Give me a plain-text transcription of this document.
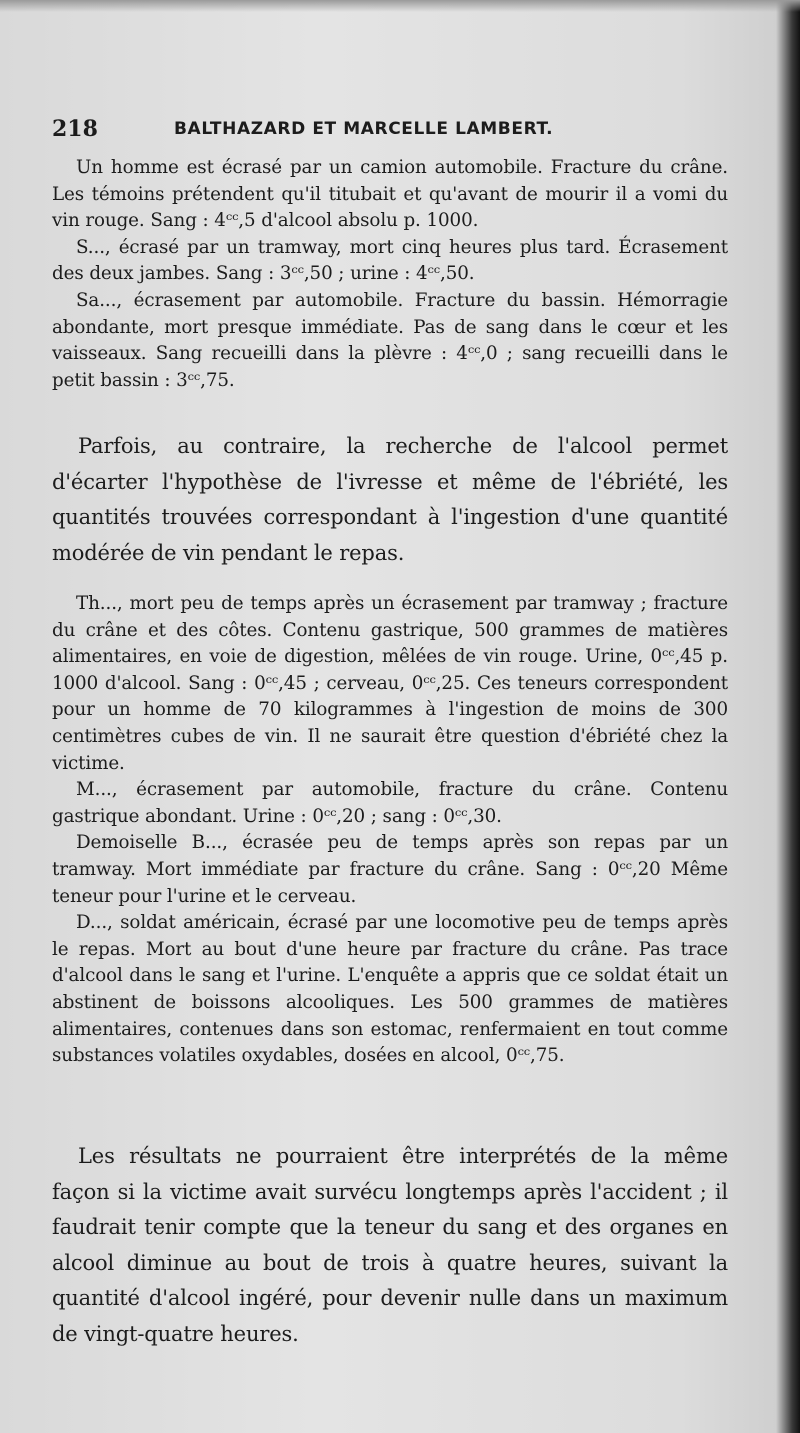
218	BALTHAZARD ET MARCELLE LAMBERT.

Un homme est écrasé par un camion automobile. Fracture du crâne. Les témoins prétendent qu'il titubait et qu'avant de mourir il a vomi du vin rouge. Sang : 4ᶜᶜ,5 d'alcool absolu p. 1000.

S..., écrasé par un tramway, mort cinq heures plus tard. Écrasement des deux jambes. Sang : 3ᶜᶜ,50 ; urine : 4ᶜᶜ,50.

Sa..., écrasement par automobile. Fracture du bassin. Hémorragie abondante, mort presque immédiate. Pas de sang dans le cœur et les vaisseaux. Sang recueilli dans la plèvre : 4ᶜᶜ,0 ; sang recueilli dans le petit bassin : 3ᶜᶜ,75.

Parfois, au contraire, la recherche de l'alcool permet d'écarter l'hypothèse de l'ivresse et même de l'ébriété, les quantités trouvées correspondant à l'ingestion d'une quantité modérée de vin pendant le repas.

Th..., mort peu de temps après un écrasement par tramway ; fracture du crâne et des côtes. Contenu gastrique, 500 grammes de matières alimentaires, en voie de digestion, mêlées de vin rouge. Urine, 0ᶜᶜ,45 p. 1000 d'alcool. Sang : 0ᶜᶜ,45 ; cerveau, 0ᶜᶜ,25. Ces teneurs correspondent pour un homme de 70 kilogrammes à l'ingestion de moins de 300 centimètres cubes de vin. Il ne saurait être question d'ébriété chez la victime.

M..., écrasement par automobile, fracture du crâne. Contenu gastrique abondant. Urine : 0ᶜᶜ,20 ; sang : 0ᶜᶜ,30.

Demoiselle B..., écrasée peu de temps après son repas par un tramway. Mort immédiate par fracture du crâne. Sang : 0ᶜᶜ,20 Même teneur pour l'urine et le cerveau.

D..., soldat américain, écrasé par une locomotive peu de temps après le repas. Mort au bout d'une heure par fracture du crâne. Pas trace d'alcool dans le sang et l'urine. L'enquête a appris que ce soldat était un abstinent de boissons alcooliques. Les 500 grammes de matières alimentaires, contenues dans son estomac, renfermaient en tout comme substances volatiles oxydables, dosées en alcool, 0ᶜᶜ,75.

Les résultats ne pourraient être interprétés de la même façon si la victime avait survécu longtemps après l'accident ; il faudrait tenir compte que la teneur du sang et des organes en alcool diminue au bout de trois à quatre heures, suivant la quantité d'alcool ingéré, pour devenir nulle dans un maximum de vingt-quatre heures.
